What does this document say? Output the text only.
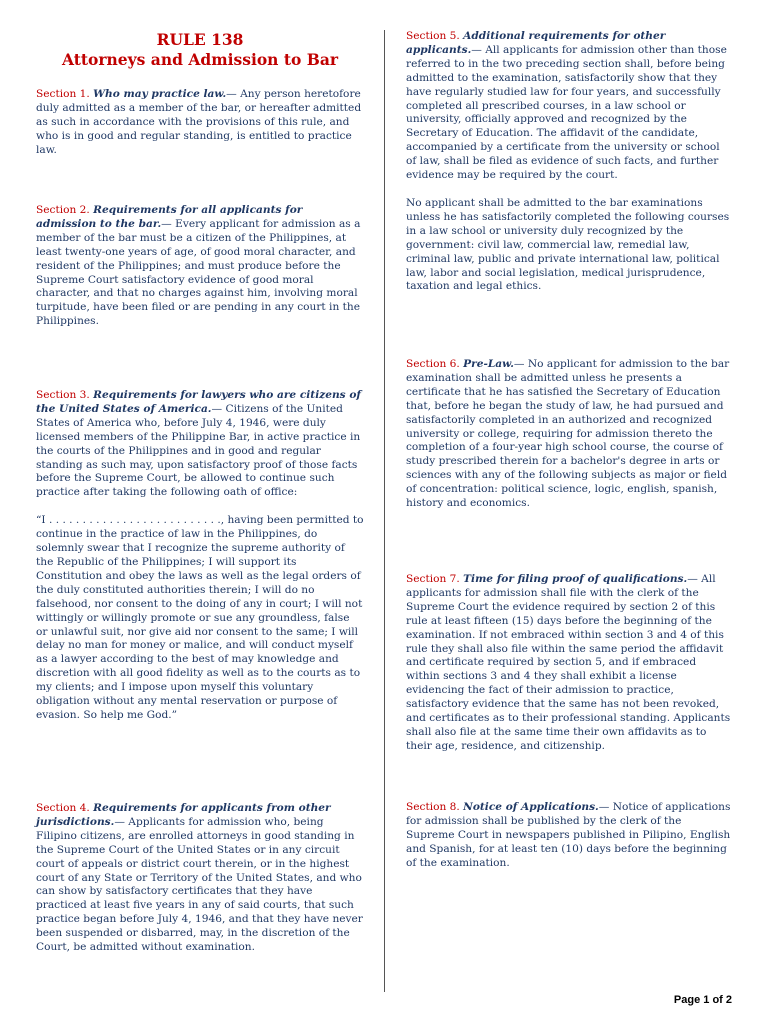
RULE 138
Attorneys and Admission to Bar

Section 1. Who may practice law.— Any person heretofore duly admitted as a member of the bar, or hereafter admitted as such in accordance with the provisions of this rule, and who is in good and regular standing, is entitled to practice law.

Section 2. Requirements for all applicants for admission to the bar.— Every applicant for admission as a member of the bar must be a citizen of the Philippines, at least twenty-one years of age, of good moral character, and resident of the Philippines; and must produce before the Supreme Court satisfactory evidence of good moral character, and that no charges against him, involving moral turpitude, have been filed or are pending in any court in the Philippines.

Section 3. Requirements for lawyers who are citizens of the United States of America.— Citizens of the United States of America who, before July 4, 1946, were duly licensed members of the Philippine Bar, in active practice in the courts of the Philippines and in good and regular standing as such may, upon satisfactory proof of those facts before the Supreme Court, be allowed to continue such practice after taking the following oath of office:

“I . . . . . . . . . . . . . . . . . . . . . . . . . ., having been permitted to continue in the practice of law in the Philippines, do solemnly swear that I recognize the supreme authority of the Republic of the Philippines; I will support its Constitution and obey the laws as well as the legal orders of the duly constituted authorities therein; I will do no falsehood, nor consent to the doing of any in court; I will not wittingly or willingly promote or sue any groundless, false or unlawful suit, nor give aid nor consent to the same; I will delay no man for money or malice, and will conduct myself as a lawyer according to the best of may knowledge and discretion with all good fidelity as well as to the courts as to my clients; and I impose upon myself this voluntary obligation without any mental reservation or purpose of evasion. So help me God.”

Section 4. Requirements for applicants from other jurisdictions.— Applicants for admission who, being Filipino citizens, are enrolled attorneys in good standing in the Supreme Court of the United States or in any circuit court of appeals or district court therein, or in the highest court of any State or Territory of the United States, and who can show by satisfactory certificates that they have practiced at least five years in any of said courts, that such practice began before July 4, 1946, and that they have never been suspended or disbarred, may, in the discretion of the Court, be admitted without examination.

Section 5. Additional requirements for other applicants.— All applicants for admission other than those referred to in the two preceding section shall, before being admitted to the examination, satisfactorily show that they have regularly studied law for four years, and successfully completed all prescribed courses, in a law school or university, officially approved and recognized by the Secretary of Education. The affidavit of the candidate, accompanied by a certificate from the university or school of law, shall be filed as evidence of such facts, and further evidence may be required by the court.

No applicant shall be admitted to the bar examinations unless he has satisfactorily completed the following courses in a law school or university duly recognized by the government: civil law, commercial law, remedial law, criminal law, public and private international law, political law, labor and social legislation, medical jurisprudence, taxation and legal ethics.

Section 6. Pre-Law.— No applicant for admission to the bar examination shall be admitted unless he presents a certificate that he has satisfied the Secretary of Education that, before he began the study of law, he had pursued and satisfactorily completed in an authorized and recognized university or college, requiring for admission thereto the completion of a four-year high school course, the course of study prescribed therein for a bachelor's degree in arts or sciences with any of the following subjects as major or field of concentration: political science, logic, english, spanish, history and economics.

Section 7. Time for filing proof of qualifications.— All applicants for admission shall file with the clerk of the Supreme Court the evidence required by section 2 of this rule at least fifteen (15) days before the beginning of the examination. If not embraced within section 3 and 4 of this rule they shall also file within the same period the affidavit and certificate required by section 5, and if embraced within sections 3 and 4 they shall exhibit a license evidencing the fact of their admission to practice, satisfactory evidence that the same has not been revoked, and certificates as to their professional standing. Applicants shall also file at the same time their own affidavits as to their age, residence, and citizenship.

Section 8. Notice of Applications.— Notice of applications for admission shall be published by the clerk of the Supreme Court in newspapers published in Pilipino, English and Spanish, for at least ten (10) days before the beginning of the examination.

Page 1 of 2
